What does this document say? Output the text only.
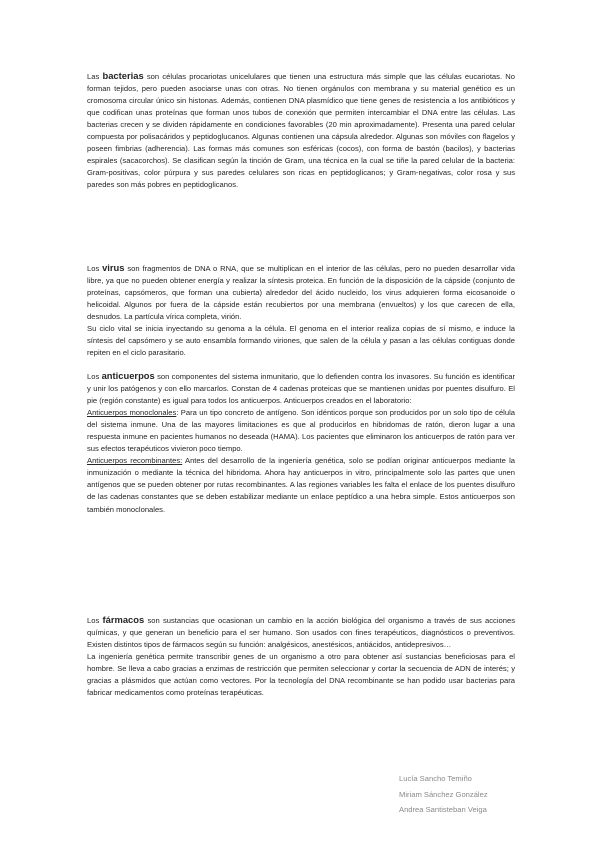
Las bacterias son células procariotas unicelulares que tienen una estructura más simple que las células eucariotas. No forman tejidos, pero pueden asociarse unas con otras. No tienen orgánulos con membrana y su material genético es un cromosoma circular único sin histonas. Además, contienen DNA plasmídico que tiene genes de resistencia a los antibióticos y que codifican unas proteínas que forman unos tubos de conexión que permiten intercambiar el DNA entre las células. Las bacterias crecen y se dividen rápidamente en condiciones favorables (20 min aproximadamente). Presenta una pared celular compuesta por polisacáridos y peptidoglucanos. Algunas contienen una cápsula alrededor. Algunas son móviles con flagelos y poseen fimbrias (adherencia). Las formas más comunes son esféricas (cocos), con forma de bastón (bacilos), y bacterias espirales (sacacorchos). Se clasifican según la tinción de Gram, una técnica en la cual se tiñe la pared celular de la bacteria: Gram-positivas, color púrpura y sus paredes celulares son ricas en peptidoglicanos; y Gram-negativas, color rosa y sus paredes son más pobres en peptidoglicanos.

Los virus son fragmentos de DNA o RNA, que se multiplican en el interior de las células, pero no pueden desarrollar vida libre, ya que no pueden obtener energía y realizar la síntesis proteica. En función de la disposición de la cápside (conjunto de proteínas, capsómeros, que forman una cubierta) alrededor del ácido nucleido, los virus adquieren forma eicosanoide o helicoidal. Algunos por fuera de la cápside están recubiertos por una membrana (envueltos) y los que carecen de ella, desnudos. La partícula vírica completa, virión.

Su ciclo vital se inicia inyectando su genoma a la célula. El genoma en el interior realiza copias de sí mismo, e induce la síntesis del capsómero y se auto ensambla formando viriones, que salen de la célula y pasan a las células contiguas donde repiten en el ciclo parasitario.

Los anticuerpos son componentes del sistema inmunitario, que lo defienden contra los invasores. Su función es identificar y unir los patógenos y con ello marcarlos. Constan de 4 cadenas proteicas que se mantienen unidas por puentes disulfuro. El pie (región constante) es igual para todos los anticuerpos. Anticuerpos creados en el laboratorio:

Anticuerpos monoclonales: Para un tipo concreto de antígeno. Son idénticos porque son producidos por un solo tipo de célula del sistema inmune. Una de las mayores limitaciones es que al producirlos en hibridomas de ratón, dieron lugar a una respuesta inmune en pacientes humanos no deseada (HAMA). Los pacientes que eliminaron los anticuerpos de ratón para ver sus efectos terapéuticos vivieron poco tiempo.

Anticuerpos recombinantes: Antes del desarrollo de la ingeniería genética, solo se podían originar anticuerpos mediante la inmunización o mediante la técnica del hibridoma. Ahora hay anticuerpos in vitro, principalmente solo las partes que unen antígenos que se pueden obtener por rutas recombinantes. A las regiones variables les falta el enlace de los puentes disulfuro de las cadenas constantes que se deben estabilizar mediante un enlace peptídico a una hebra simple. Estos anticuerpos son también monoclonales.

Los fármacos son sustancias que ocasionan un cambio en la acción biológica del organismo a través de sus acciones químicas, y que generan un beneficio para el ser humano. Son usados con fines terapéuticos, diagnósticos o preventivos. Existen distintos tipos de fármacos según su función: analgésicos, anestésicos, antiácidos, antidepresivos…

La ingeniería genética permite transcribir genes de un organismo a otro para obtener así sustancias beneficiosas para el hombre. Se lleva a cabo gracias a enzimas de restricción que permiten seleccionar y cortar la secuencia de ADN de interés; y gracias a plásmidos que actúan como vectores. Por la tecnología del DNA recombinante se han podido usar bacterias para fabricar medicamentos como proteínas terapéuticas.

Lucía Sancho Temiño
Miriam Sánchez González
Andrea Santisteban Veiga
